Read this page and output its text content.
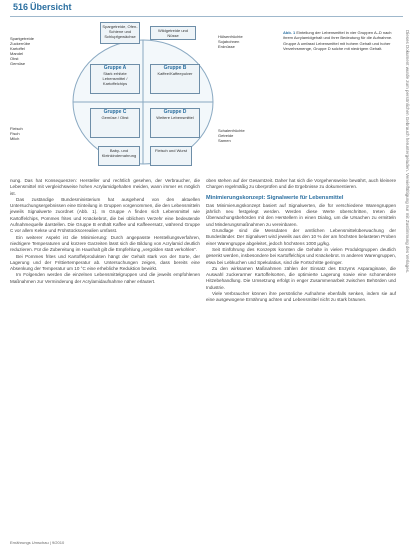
516 Übersicht
Spartgetreide
Zuckerrübe
Kartoffel
Mandel
Obst
Gemüse
Fleisch
Fisch
Milch
Hülsenfrüchte
Sojabohnen
Erdnüsse
Schalenfrüchte
Getreide
Samen
Spargetreide, Ofen-Schiene und Schlupfgewächse
Wildgetreide und Nüsse
Gruppe A
Stark erhitzte Lebensmittel / Kartoffelchips
Gruppe B
Kaffee/Kaffeepulver
Gruppe C
Gemüse / Obst
Gruppe D
Weitere Lebensmittel
Baby- und Kleinkindernahrung
Fleisch und Wurst
Abb. 1 Einteilung der Lebensmittel in vier Gruppen A–D nach ihrem Acrylamidgehalt und ihrer Bedeutung für die Aufnahme. Gruppe A umfasst Lebensmittel mit hohem Gehalt und hoher Verzehrsmenge, Gruppe D solche mit niedrigem Gehalt.

nung. Das hat Konsequenzen: Hersteller und rechtlich gesehen, der Verbraucher, die Lebensmittel mit vergleichsweise hohen Acrylamidgehalten meiden, wann immer es möglich ist.

Das zuständige Bundesministerium hat ausgehend von den aktuellen Untersuchungsergebnissen eine Einteilung in Gruppen vorgenommen, die den Lebensmitteln jeweils Signalwerte zuordnet (Abb. 1). In Gruppe A finden sich Lebensmittel wie Kartoffelchips, Pommes frites und Knäckebrot, die bei üblichem Verzehr eine bedeutende Aufnahmequelle darstellen. Die Gruppe B enthält Kaffee und Kaffeeersatz, während Gruppe C vor allem Kekse und Frühstückscerealien umfasst.

Ein weiterer Aspekt ist die Minimierung: Durch angepasste Herstellungsverfahren, niedrigere Temperaturen und kürzere Garzeiten lässt sich die Bildung von Acrylamid deutlich reduzieren. Für die Zubereitung im Haushalt gilt die Empfehlung „vergolden statt verkohlen“.

Bei Pommes frites und Kartoffelprodukten hängt der Gehalt stark von der Sorte, der Lagerung und der Frittiertemperatur ab. Untersuchungen zeigen, dass bereits eine Absenkung der Temperatur um 10 °C eine erhebliche Reduktion bewirkt.

Im Folgenden werden die einzelnen Lebensmittelgruppen und die jeweils empfohlenen Maßnahmen zur Verminderung der Acrylamidaufnahme näher erläutert.

oben stehen auf der Gesamtzeit. Daher hat sich die Vorgehensweise bewährt, auch kleinere Chargen regelmäßig zu überprüfen und die Ergebnisse zu dokumentieren.

Minimierungskonzept: Signalwerte für Lebensmittel

Das Minimierungskonzept basiert auf Signalwerten, die für verschiedene Warengruppen jährlich neu festgelegt werden. Werden diese Werte überschritten, treten die Überwachungsbehörden mit den Herstellern in einen Dialog, um die Ursachen zu ermitteln und Minderungsmaßnahmen zu vereinbaren.

Grundlage sind die Messdaten der amtlichen Lebensmittelüberwachung der Bundesländer. Der Signalwert wird jeweils aus den 10 % der am höchsten belasteten Proben einer Warengruppe abgeleitet, jedoch höchstens 1000 µg/kg.

Seit Einführung des Konzepts konnten die Gehalte in vielen Produktgruppen deutlich gesenkt werden, insbesondere bei Kartoffelchips und Knäckebrot. In anderen Warengruppen, etwa bei Lebkuchen und Spekulatius, sind die Fortschritte geringer.

Zu den wirksamen Maßnahmen zählen der Einsatz des Enzyms Asparaginase, die Auswahl zuckerarmer Kartoffelsorten, die optimierte Lagerung sowie eine schonendere Hitzebehandlung. Die Umsetzung erfolgt in enger Zusammenarbeit zwischen Behörden und Industrie.

Viele Verbraucher können ihre persönliche Aufnahme ebenfalls senken, indem sie auf eine ausgewogene Ernährung achten und Lebensmittel nicht zu stark bräunen.

Ernährungs Umschau | 9/2010
Dieses Dokument wurde zum persönlichen Gebrauch heruntergeladen. Vervielfältigung nur mit Zustimmung des Verlages.
